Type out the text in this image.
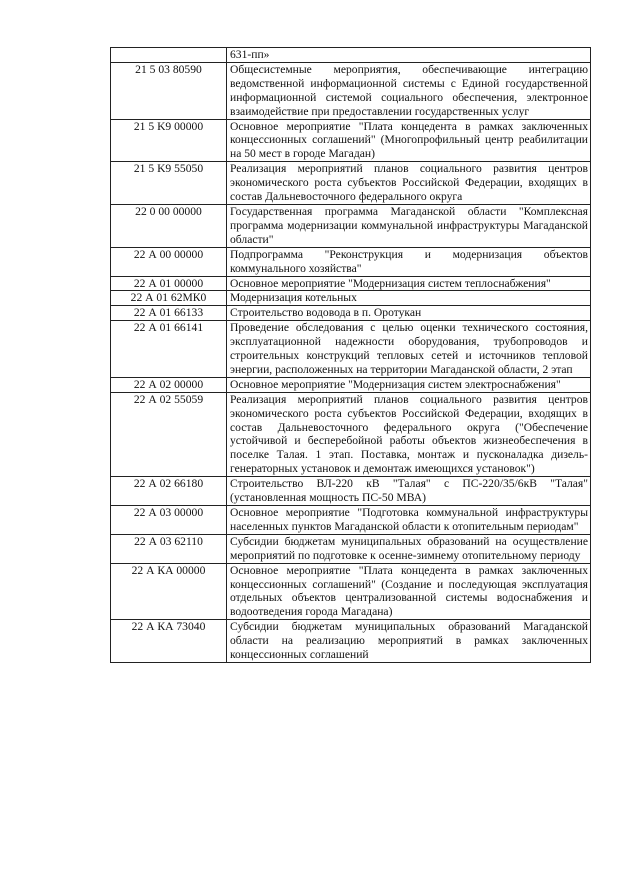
	631-пп»
21 5 03 80590	Общесистемные мероприятия, обеспечивающие интеграцию ведомственной информационной системы с Единой государственной информационной системой социального обеспечения, электронное взаимодействие при предоставлении государственных услуг
21 5 K9 00000	Основное мероприятие "Плата концедента в рамках заключенных концессионных соглашений" (Многопрофильный центр реабилитации на 50 мест в городе Магадан)
21 5 K9 55050	Реализация мероприятий планов социального развития центров экономического роста субъектов Российской Федерации, входящих в состав Дальневосточного федерального округа
22 0 00 00000	Государственная программа Магаданской области "Комплексная программа модернизации коммунальной инфраструктуры Магаданской области"
22 А 00 00000	Подпрограмма "Реконструкция и модернизация объектов коммунального хозяйства"
22 А 01 00000	Основное мероприятие "Модернизация систем теплоснабжения"
22 А 01 62МК0	Модернизация котельных
22 А 01 66133	Строительство водовода в п. Оротукан
22 А 01 66141	Проведение обследования с целью оценки технического состояния, эксплуатационной надежности оборудования, трубопроводов и строительных конструкций тепловых сетей и источников тепловой энергии, расположенных на территории Магаданской области, 2 этап
22 А 02 00000	Основное мероприятие "Модернизация систем электроснабжения"
22 А 02 55059	Реализация мероприятий планов социального развития центров экономического роста субъектов Российской Федерации, входящих в состав Дальневосточного федерального округа ("Обеспечение устойчивой и бесперебойной работы объектов жизнеобеспечения в поселке Талая. 1 этап. Поставка, монтаж и пусконаладка дизель-генераторных установок и демонтаж имеющихся установок")
22 А 02 66180	Строительство ВЛ-220 кВ "Талая" с ПС-220/35/6кВ "Талая" (установленная мощность ПС-50 МВА)
22 А 03 00000	Основное мероприятие "Подготовка коммунальной инфраструктуры населенных пунктов Магаданской области к отопительным периодам"
22 А 03 62110	Субсидии бюджетам муниципальных образований на осуществление мероприятий по подготовке к осенне-зимнему отопительному периоду
22 А КА 00000	Основное мероприятие "Плата концедента в рамках заключенных концессионных соглашений" (Создание и последующая эксплуатация отдельных объектов централизованной системы водоснабжения и водоотведения города Магадана)
22 А КА 73040	Субсидии бюджетам муниципальных образований Магаданской области на реализацию мероприятий в рамках заключенных концессионных соглашений
